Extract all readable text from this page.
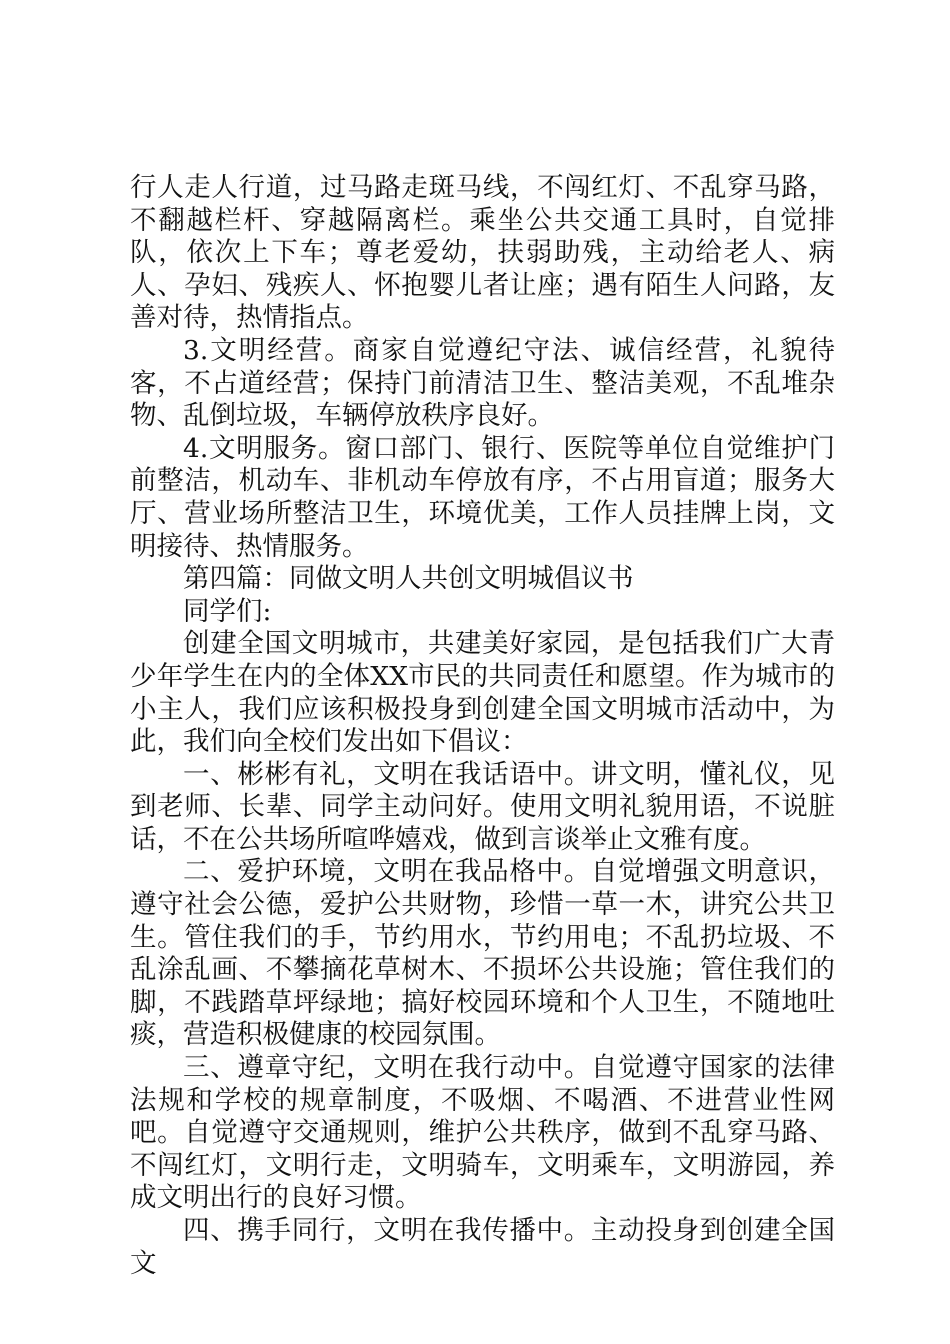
行人走人行道，过马路走斑马线，不闯红灯、不乱穿马路，不翻越栏杆、穿越隔离栏。乘坐公共交通工具时，自觉排队，依次上下车；尊老爱幼，扶弱助残，主动给老人、病人、孕妇、残疾人、怀抱婴儿者让座；遇有陌生人问路，友善对待，热情指点。

3.文明经营。商家自觉遵纪守法、诚信经营，礼貌待客，不占道经营；保持门前清洁卫生、整洁美观，不乱堆杂物、乱倒垃圾，车辆停放秩序良好。

4.文明服务。窗口部门、银行、医院等单位自觉维护门前整洁，机动车、非机动车停放有序，不占用盲道；服务大厅、营业场所整洁卫生，环境优美，工作人员挂牌上岗，文明接待、热情服务。

第四篇：同做文明人共创文明城倡议书

同学们:

创建全国文明城市，共建美好家园，是包括我们广大青少年学生在内的全体XX市民的共同责任和愿望。作为城市的小主人，我们应该积极投身到创建全国文明城市活动中，为此，我们向全校们发出如下倡议：

一、彬彬有礼，文明在我话语中。讲文明，懂礼仪，见到老师、长辈、同学主动问好。使用文明礼貌用语，不说脏话，不在公共场所喧哗嬉戏，做到言谈举止文雅有度。

二、爱护环境，文明在我品格中。自觉增强文明意识，遵守社会公德，爱护公共财物，珍惜一草一木，讲究公共卫生。管住我们的手，节约用水，节约用电；不乱扔垃圾、不乱涂乱画、不攀摘花草树木、不损坏公共设施；管住我们的脚，不践踏草坪绿地；搞好校园环境和个人卫生，不随地吐痰，营造积极健康的校园氛围。

三、遵章守纪，文明在我行动中。自觉遵守国家的法律法规和学校的规章制度，不吸烟、不喝酒、不进营业性网吧。自觉遵守交通规则，维护公共秩序，做到不乱穿马路、不闯红灯，文明行走，文明骑车，文明乘车，文明游园，养成文明出行的良好习惯。

四、携手同行，文明在我传播中。主动投身到创建全国文
